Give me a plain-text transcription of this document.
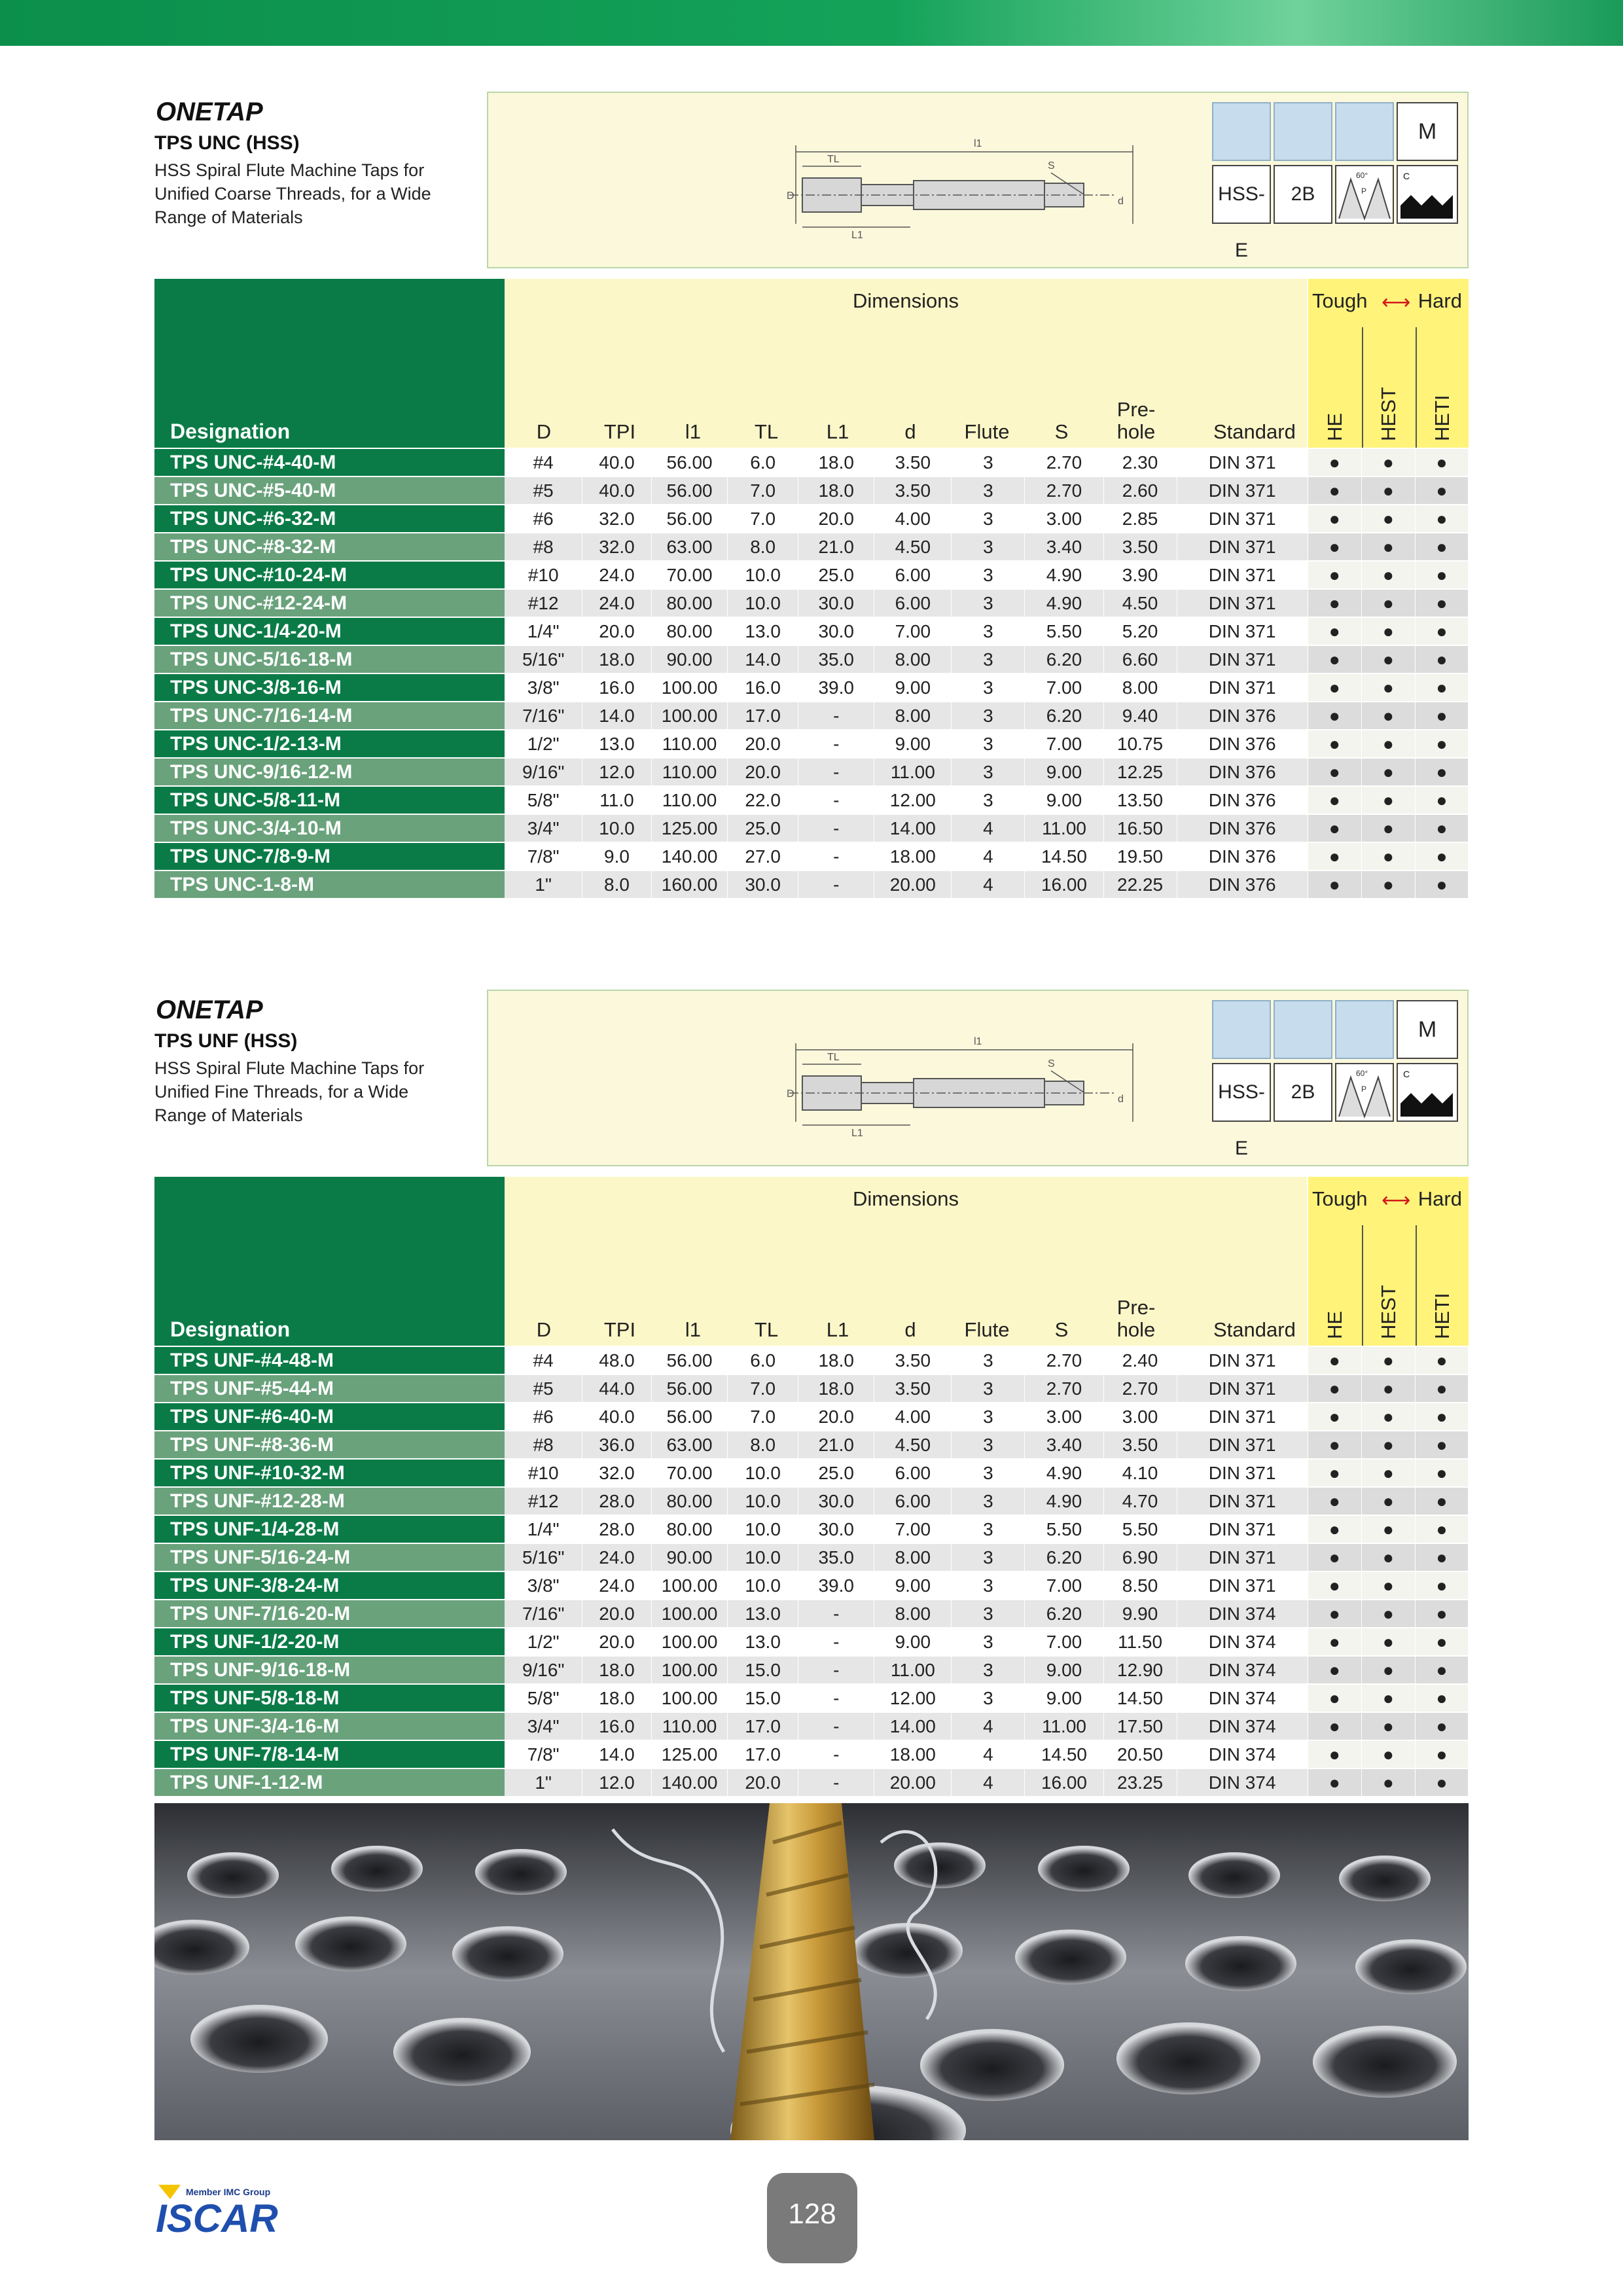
ONETAP
TPS UNC (HSS)
HSS Spiral Flute Machine Taps for Unified Coarse Threads, for a Wide Range of Materials
l1
TL
S
D	d
L1
M
HSS-E
2B
60°
P
C
Designation
Dimensions
D	TPI	l1	TL	L1	d	Flute	S
Pre-
hole	Standard
Tough ⟷ Hard
HE HEST HETI
TPS UNC-#4-40-M	#4	40.0	56.00	6.0	18.0	3.50	3	2.70	2.30	DIN 371	●	●	●
TPS UNC-#5-40-M	#5	40.0	56.00	7.0	18.0	3.50	3	2.70	2.60	DIN 371	●	●	●
TPS UNC-#6-32-M	#6	32.0	56.00	7.0	20.0	4.00	3	3.00	2.85	DIN 371	●	●	●
TPS UNC-#8-32-M	#8	32.0	63.00	8.0	21.0	4.50	3	3.40	3.50	DIN 371	●	●	●
TPS UNC-#10-24-M	#10	24.0	70.00	10.0	25.0	6.00	3	4.90	3.90	DIN 371	●	●	●
TPS UNC-#12-24-M	#12	24.0	80.00	10.0	30.0	6.00	3	4.90	4.50	DIN 371	●	●	●
TPS UNC-1/4-20-M	1/4"	20.0	80.00	13.0	30.0	7.00	3	5.50	5.20	DIN 371	●	●	●
TPS UNC-5/16-18-M	5/16"	18.0	90.00	14.0	35.0	8.00	3	6.20	6.60	DIN 371	●	●	●
TPS UNC-3/8-16-M	3/8"	16.0	100.00	16.0	39.0	9.00	3	7.00	8.00	DIN 371	●	●	●
TPS UNC-7/16-14-M	7/16"	14.0	100.00	17.0	-	8.00	3	6.20	9.40	DIN 376	●	●	●
TPS UNC-1/2-13-M	1/2"	13.0	110.00	20.0	-	9.00	3	7.00	10.75	DIN 376	●	●	●
TPS UNC-9/16-12-M	9/16"	12.0	110.00	20.0	-	11.00	3	9.00	12.25	DIN 376	●	●	●
TPS UNC-5/8-11-M	5/8"	11.0	110.00	22.0	-	12.00	3	9.00	13.50	DIN 376	●	●	●
TPS UNC-3/4-10-M	3/4"	10.0	125.00	25.0	-	14.00	4	11.00	16.50	DIN 376	●	●	●
TPS UNC-7/8-9-M	7/8"	9.0	140.00	27.0	-	18.00	4	14.50	19.50	DIN 376	●	●	●
TPS UNC-1-8-M	1"	8.0	160.00	30.0	-	20.00	4	16.00	22.25	DIN 376	●	●	●
ONETAP
TPS UNF (HSS)
HSS Spiral Flute Machine Taps for Unified Fine Threads, for a Wide Range of Materials
l1
TL
S
D	d
L1
M
HSS-E
2B
60°
P
C
Designation
Dimensions
D	TPI	l1	TL	L1	d	Flute	S
Pre-
hole	Standard
Tough ⟷ Hard
HE HEST HETI
TPS UNF-#4-48-M	#4	48.0	56.00	6.0	18.0	3.50	3	2.70	2.40	DIN 371	●	●	●
TPS UNF-#5-44-M	#5	44.0	56.00	7.0	18.0	3.50	3	2.70	2.70	DIN 371	●	●	●
TPS UNF-#6-40-M	#6	40.0	56.00	7.0	20.0	4.00	3	3.00	3.00	DIN 371	●	●	●
TPS UNF-#8-36-M	#8	36.0	63.00	8.0	21.0	4.50	3	3.40	3.50	DIN 371	●	●	●
TPS UNF-#10-32-M	#10	32.0	70.00	10.0	25.0	6.00	3	4.90	4.10	DIN 371	●	●	●
TPS UNF-#12-28-M	#12	28.0	80.00	10.0	30.0	6.00	3	4.90	4.70	DIN 371	●	●	●
TPS UNF-1/4-28-M	1/4"	28.0	80.00	10.0	30.0	7.00	3	5.50	5.50	DIN 371	●	●	●
TPS UNF-5/16-24-M	5/16"	24.0	90.00	10.0	35.0	8.00	3	6.20	6.90	DIN 371	●	●	●
TPS UNF-3/8-24-M	3/8"	24.0	100.00	10.0	39.0	9.00	3	7.00	8.50	DIN 371	●	●	●
TPS UNF-7/16-20-M	7/16"	20.0	100.00	13.0	-	8.00	3	6.20	9.90	DIN 374	●	●	●
TPS UNF-1/2-20-M	1/2"	20.0	100.00	13.0	-	9.00	3	7.00	11.50	DIN 374	●	●	●
TPS UNF-9/16-18-M	9/16"	18.0	100.00	15.0	-	11.00	3	9.00	12.90	DIN 374	●	●	●
TPS UNF-5/8-18-M	5/8"	18.0	100.00	15.0	-	12.00	3	9.00	14.50	DIN 374	●	●	●
TPS UNF-3/4-16-M	3/4"	16.0	110.00	17.0	-	14.00	4	11.00	17.50	DIN 374	●	●	●
TPS UNF-7/8-14-M	7/8"	14.0	125.00	17.0	-	18.00	4	14.50	20.50	DIN 374	●	●	●
TPS UNF-1-12-M	1"	12.0	140.00	20.0	-	20.00	4	16.00	23.25	DIN 374	●	●	●
Member IMC Group
ISCAR	128
